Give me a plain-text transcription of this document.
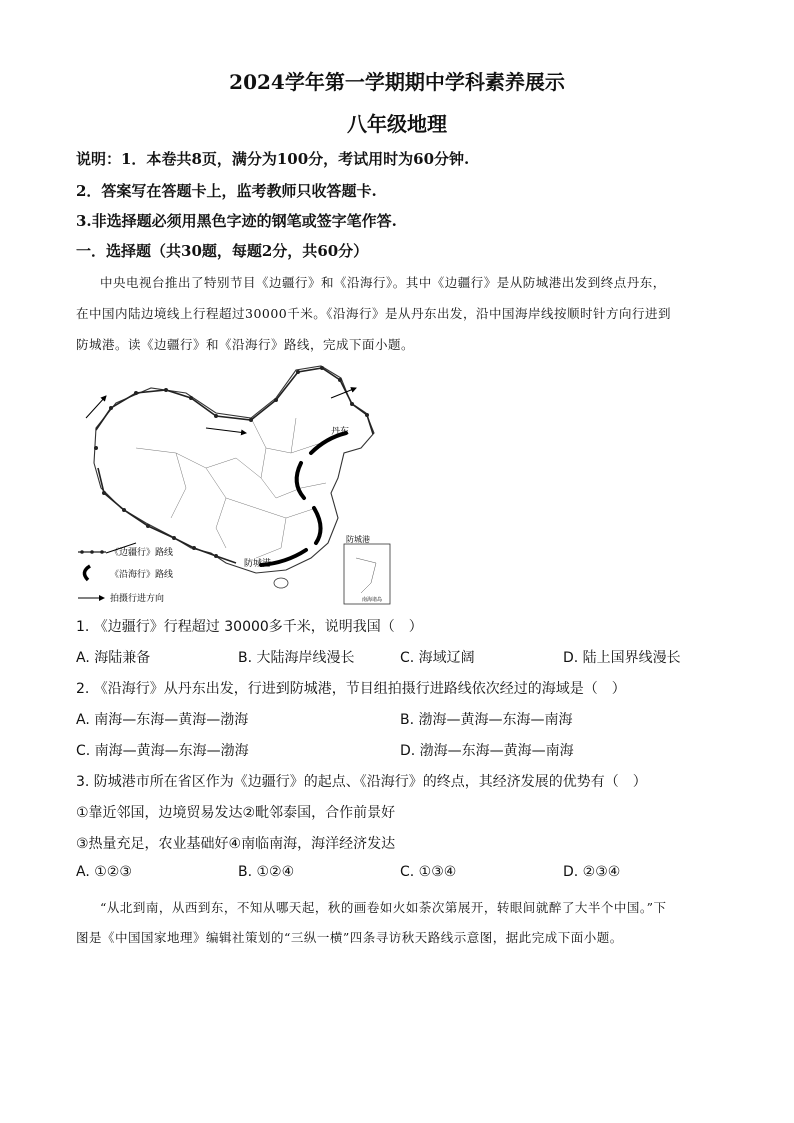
2024学年第一学期期中学科素养展示
八年级地理
说明：1．本卷共8页，满分为100分，考试用时为60分钟.
2．答案写在答题卡上，监考教师只收答题卡.
3.非选择题必须用黑色字迹的钢笔或签字笔作答.
一．选择题（共30题，每题2分，共60分）
中央电视台推出了特别节目《边疆行》和《沿海行》。其中《边疆行》是从防城港出发到终点丹东，
在中国内陆边境线上行程超过30000千米。《沿海行》是从丹东出发，沿中国海岸线按顺时针方向行进到
防城港。读《边疆行》和《沿海行》路线，完成下面小题。
丹东
防城港
防城港
南海诸岛
《边疆行》路线
《沿海行》路线
拍摄行进方向
1. 《边疆行》行程超过 30000多千米，说明我国（　）
A. 海陆兼备	B. 大陆海岸线漫长	C. 海域辽阔	D. 陆上国界线漫长
2. 《沿海行》从丹东出发，行进到防城港，节目组拍摄行进路线依次经过的海域是（　）
A. 南海—东海—黄海—渤海	B. 渤海—黄海—东海—南海
C. 南海—黄海—东海—渤海	D. 渤海—东海—黄海—南海
3. 防城港市所在省区作为《边疆行》的起点、《沿海行》的终点，其经济发展的优势有（　）
①靠近邻国，边境贸易发达②毗邻泰国，合作前景好
③热量充足，农业基础好④南临南海，海洋经济发达
A. ①②③	B. ①②④	C. ①③④	D. ②③④
“从北到南，从西到东，不知从哪天起，秋的画卷如火如荼次第展开，转眼间就醉了大半个中国。”下
图是《中国国家地理》编辑社策划的“三纵一横”四条寻访秋天路线示意图，据此完成下面小题。
